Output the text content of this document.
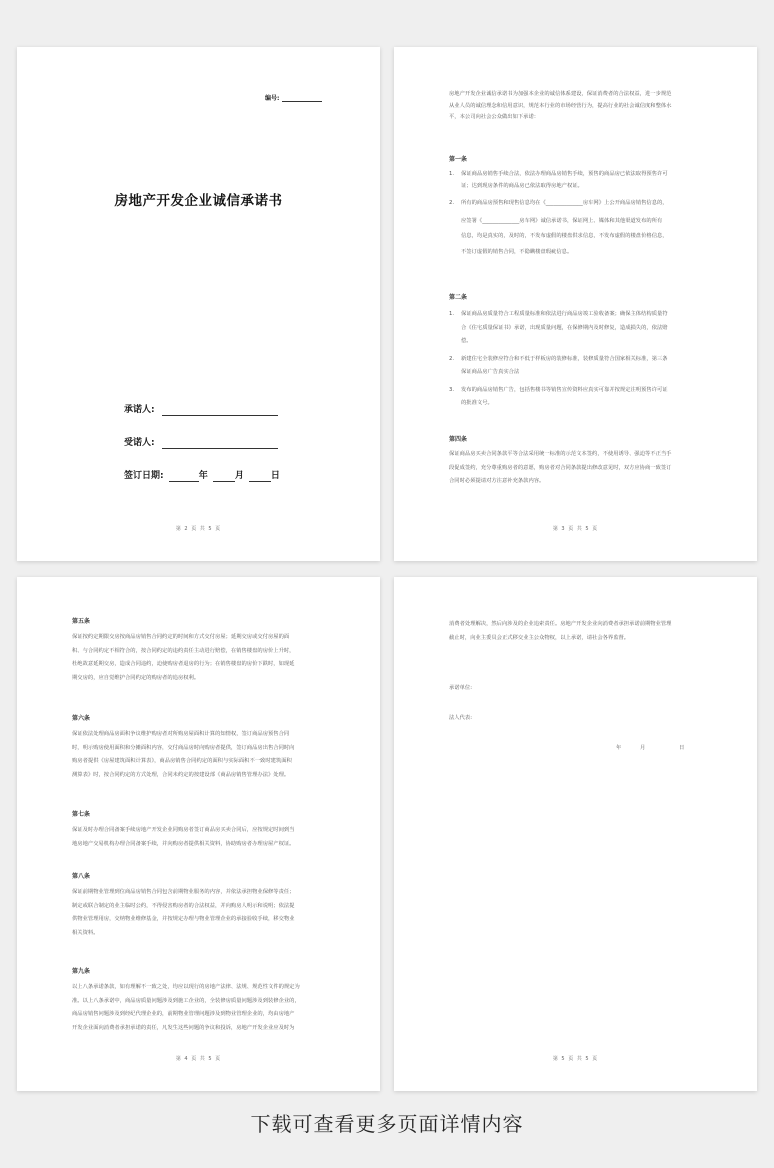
编号:
房地产开发企业诚信承诺书
承诺人:
受诺人:
签订日期:	年	月	日
第 2 页 共 5 页
房地产开发企业诚信承诺书为加强本企业的诚信体系建设，保证消费者的合法权益，进一步规范
从业人员的诚信理念和信用意识，规范本行业的市场经营行为，提高行业的社会诚信度和整体水
平，本公司向社会公众做出如下承诺：
第一条
1. 保证商品房销售手续合法，依法办理商品房销售手续，预售的商品房已依法取得预售许可
证；达到现房条件的商品房已依法取得房地产权证。
2. 所有的商品房预售和现售信息均在《______________房车网》上公开商品房销售信息的，
应签署《______________房车网》诚信承诺书，保证网上、媒体和其他渠道发布的所有
信息，均是真实的，及时的，不发布虚假的楼盘供求信息，不发布虚假的楼盘价格信息，
不签订虚假的销售合同，不隐瞒楼盘瑕疵信息。
第二条
1. 保证商品房质量符合工程质量标准和依法进行商品房竣工验收备案；确保主体结构质量符
合《住宅质量保证书》承诺，出现质量问题，在保修期内及时修复，造成损失的，依法赔
偿。
2. 新建住宅全装修应符合和不低于样板房的装修标准，装修质量符合国家相关标准，第三条
保证商品房广告真实合法
3. 发布的商品房销售广告，包括售楼书等销售宣传资料应真实可靠并按规定注明预售许可证
的批准文号。
第四条
保证商品房买卖合同条款平等合法采用统一标准的示范文本签约，不使用诱导、强迫等不正当手
段促成签约，充分尊重购房者的意愿，购房者对合同条款提出修改意见时，双方应协商一致签订
合同时必须提请对方注意补充条款内容。
第 3 页 共 5 页
第五条
保证按约定期限交房按商品房销售合同约定的时间和方式交付房屋；延期交房或交付房屋的面
积、与合同约定不相符合的，按合同约定的违约责任主动进行赔偿，在销售楼盘的房价上升时，
杜绝故意延期交房，造成合同违约，迫使购房者退房的行为；在销售楼盘的房价下跌时，如现延
期交房的，应自觉维护合同约定的购房者的追房权利。
第六条
保证依法处理商品房面积争议维护购房者对所购房屋面积计算的知情权，签订商品房预售合同
时，明示购房使用面积和分摊面积内容，交付商品房时向购房者提供，签订商品房出售合同时向
购房者提供《房屋建筑面积计算表》，商品房销售合同约定的面积与实际面积不一致时建筑面积
测算表》时，按合同约定的方式处理，合同未约定的按建设部《商品房销售管理办法》处理。
第七条
保证及时办理合同备案手续房地产开发企业同购房者签订商品房买卖合同后，应按规定时间到当
地房地产交易机构办理合同备案手续，并向购房者提供相关资料，协助购房者办理房屋产权证。
第八条
保证前期物业管理到位商品房销售合同包含前期物业服务的内容，并依法承担物业保修等责任；
制定或联合制定的业主临时公约，不得侵害购房者的合法权益，并向购房人明示和说明；依法提
供物业管理用房，交纳物业维修基金，并按规定办理与物业管理企业的承接验收手续，移交物业
相关资料。
第九条
以上八条承诺条款，如有理解不一致之处，均应以现行的房地产法律、法规、规范性文件的规定为
准。以上八条承诺中，商品房质量问题涉及到施工企业的，全装修房质量问题涉及到装修企业的，
商品房销售问题涉及到经纪代理企业的，前期物业管理问题涉及到物业管理企业的，均由房地产
开发企业面向消费者承担承诺的责任，凡发生这些问题的争议和投诉，房地产开发企业应及时为
第 4 页 共 5 页
消费者处理解决，然后向涉及的企业追索责任。房地产开发企业向消费者承担承诺前期物业管理
截止时，向业主委员会正式移交业主公众物权，以上承诺，请社会各界监督。
承诺单位:
法人代表:
年	月	日
第 5 页 共 5 页
下载可查看更多页面详情内容
